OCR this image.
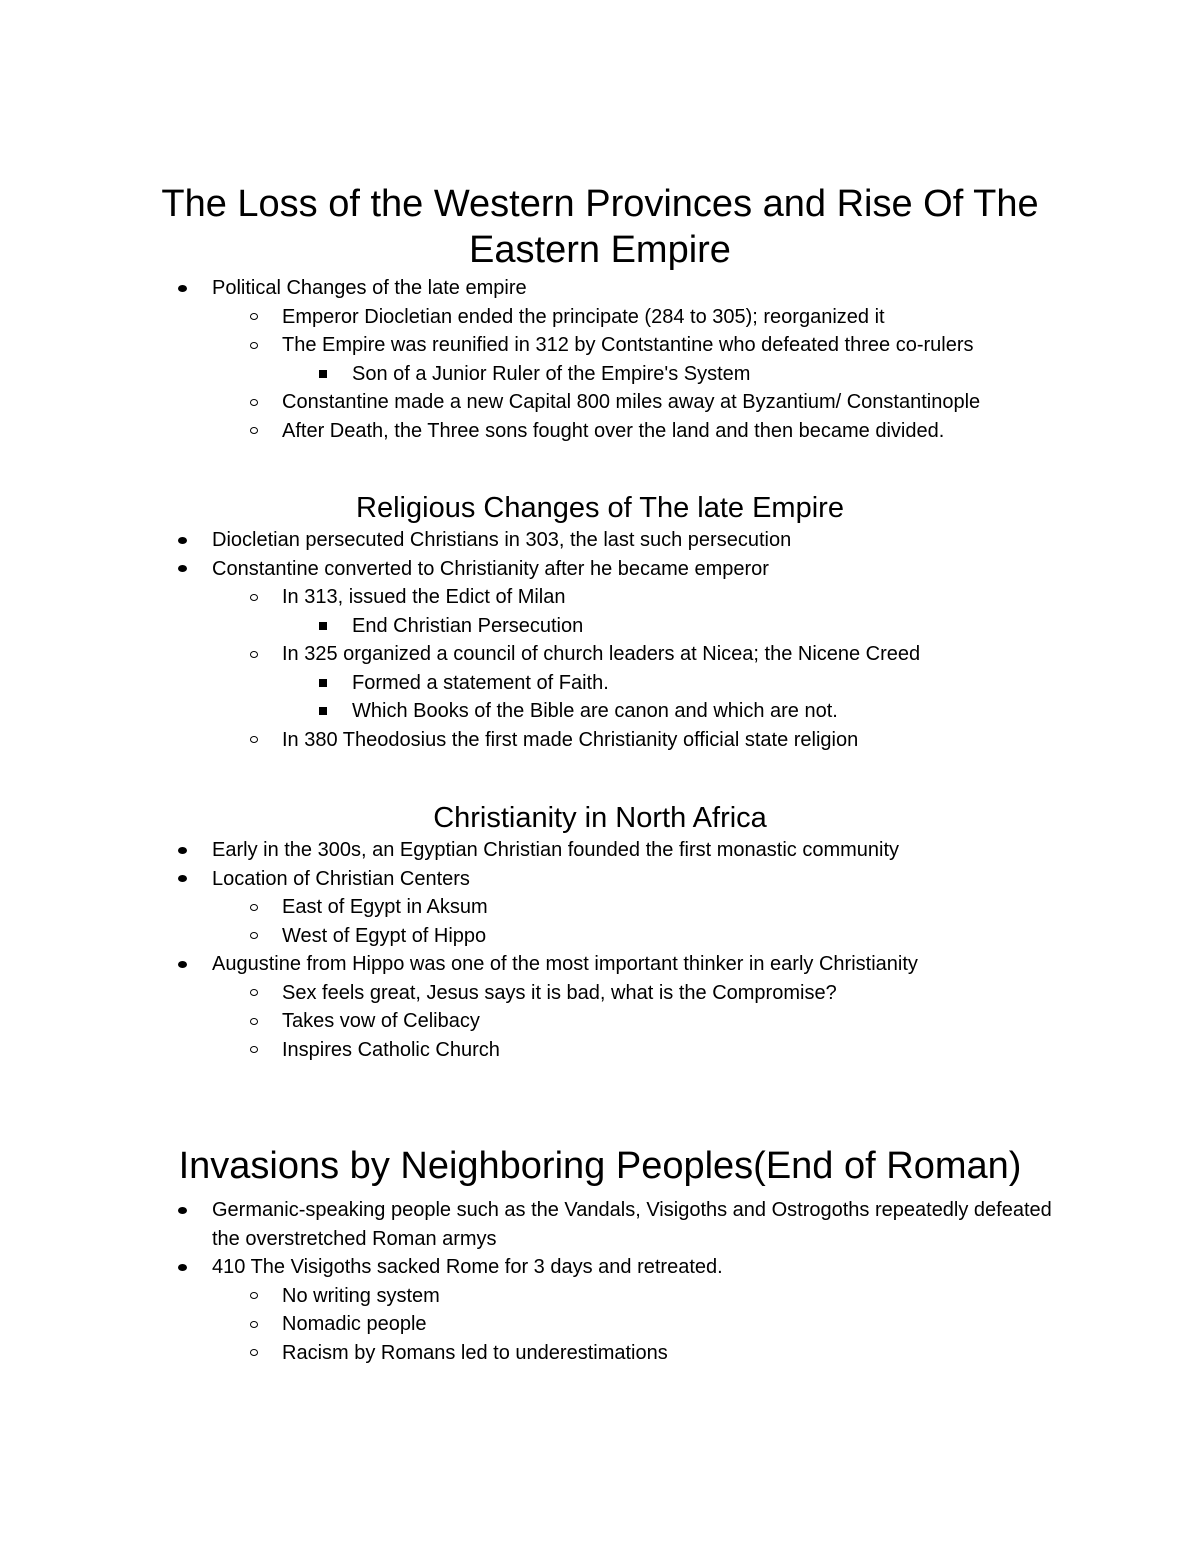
The Loss of the Western Provinces and Rise Of The Eastern Empire
Political Changes of the late empire
Emperor Diocletian ended the principate (284 to 305); reorganized it
The Empire was reunified in 312 by Contstantine who defeated three co-rulers
Son of a Junior Ruler of the Empire's System
Constantine made a new Capital 800 miles away at Byzantium/ Constantinople
After Death, the Three sons fought over the land and then became divided.
Religious Changes of The late Empire
Diocletian persecuted Christians in 303, the last such persecution
Constantine converted to Christianity after he became emperor
In 313, issued the Edict of Milan
End Christian Persecution
In 325 organized a council of church leaders at Nicea; the Nicene Creed
Formed a statement of Faith.
Which Books of the Bible are canon and which are not.
In 380 Theodosius the first made Christianity official state religion
Christianity in North Africa
Early in the 300s, an Egyptian Christian founded the first monastic community
Location of Christian Centers
East of Egypt in Aksum
West of Egypt of Hippo
Augustine from Hippo was one of the most important thinker in early Christianity
Sex feels great, Jesus says it is bad, what is the Compromise?
Takes vow of Celibacy
Inspires Catholic Church
Invasions by Neighboring Peoples(End of Roman)
Germanic-speaking people such as the Vandals, Visigoths and Ostrogoths repeatedly defeated the overstretched Roman armys
410 The Visigoths sacked Rome for 3 days and retreated.
No writing system
Nomadic people
Racism by Romans led to underestimations
